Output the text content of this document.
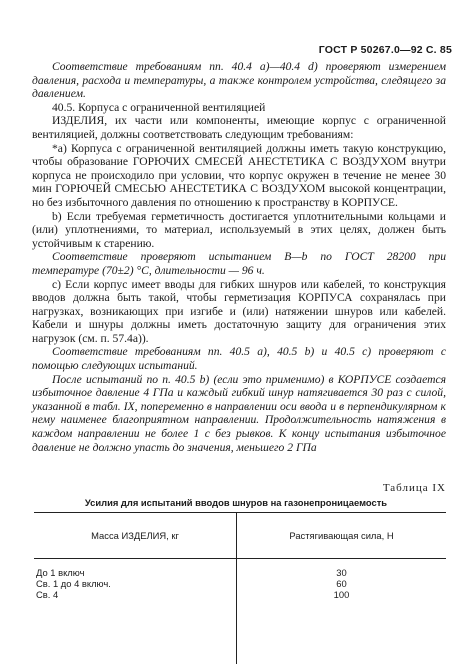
ГОСТ Р 50267.0—92 С. 85

Соответствие требованиям пп. 40.4 а)—40.4 d) проверяют измерением давления, расхода и температуры, а также контролем устройства, следящего за давлением.

40.5. Корпуса с ограниченной вентиляцией

ИЗДЕЛИЯ, их части или компоненты, имеющие корпус с ограниченной вентиляцией, должны соответствовать следующим требованиям:

*а) Корпуса с ограниченной вентиляцией должны иметь такую конструкцию, чтобы образование ГОРЮЧИХ СМЕСЕЙ АНЕСТЕТИКА С ВОЗДУХОМ внутри корпуса не происходило при условии, что корпус окружен в течение не менее 30 мин ГОРЮЧЕЙ СМЕСЬЮ АНЕСТЕТИКА С ВОЗДУХОМ высокой концентрации, но без избыточного давления по отношению к пространству в КОРПУСЕ.

b) Если требуемая герметичность достигается уплотнительными кольцами и (или) уплотнениями, то материал, используемый в этих целях, должен быть устойчивым к старению.

Соответствие проверяют испытанием B—b по ГОСТ 28200 при температуре (70±2) °С, длительности — 96 ч.

с) Если корпус имеет вводы для гибких шнуров или кабелей, то конструкция вводов должна быть такой, чтобы герметизация КОРПУСА сохранялась при нагрузках, возникающих при изгибе и (или) натяжении шнуров или кабелей. Кабели и шнуры должны иметь достаточную защиту для ограничения этих нагрузок (см. п. 57.4а)).

Соответствие требованиям пп. 40.5 а), 40.5 b) и 40.5 с) проверяют с помощью следующих испытаний.

После испытаний по п. 40.5 b) (если это применимо) в КОРПУСЕ создается избыточное давление 4 ГПа и каждый гибкий шнур натягивается 30 раз с силой, указанной в табл. IX, попеременно в направлении оси ввода и в перпендикулярном к нему наименее благоприятном направлении. Продолжительность натяжения в каждом направлении не более 1 с без рывков. К концу испытания избыточное давление не должно упасть до значения, меньшего 2 ГПа

Таблица IX
Усилия для испытаний вводов шнуров на газонепроницаемость
Масса ИЗДЕЛИЯ, кг	Растягивающая сила, Н
До 1 включ	30
Св. 1 до 4 включ.	60
Св. 4	100
